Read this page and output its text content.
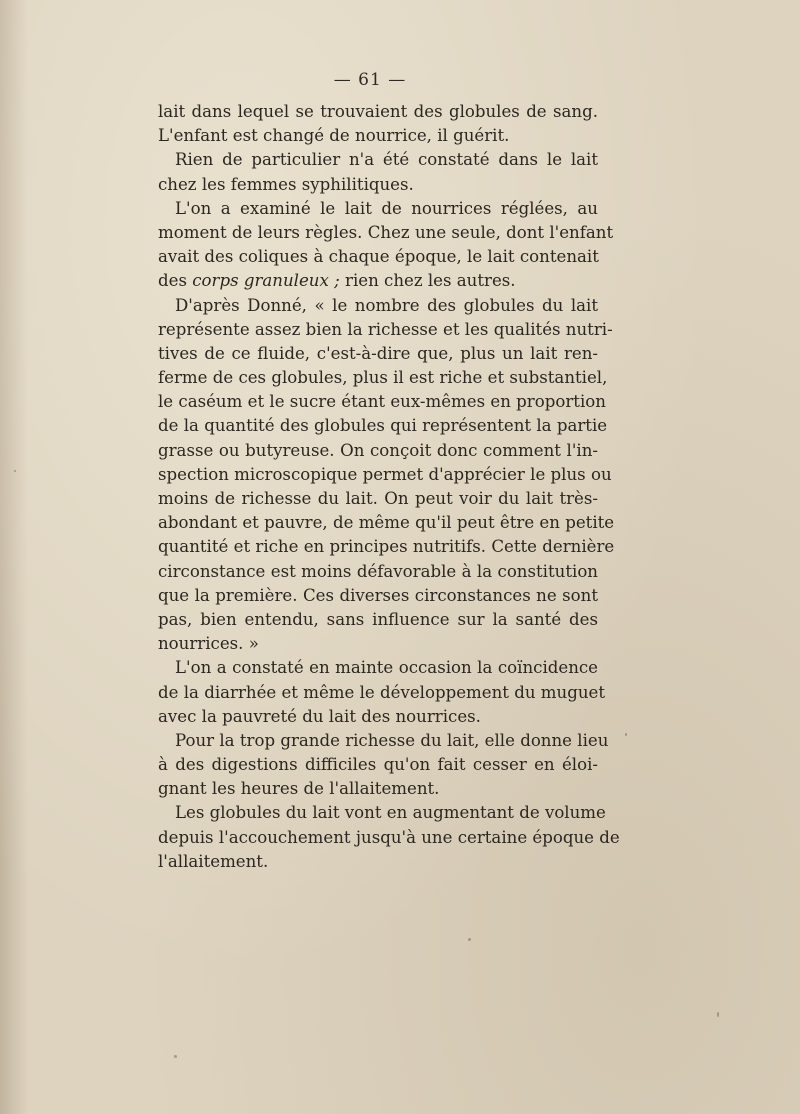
— 61 —
lait dans lequel se trouvaient des globules de sang.
L'enfant est changé de nourrice, il guérit.
Rien de particulier n'a été constaté dans le lait
chez les femmes syphilitiques.
L'on a examiné le lait de nourrices réglées, au
moment de leurs règles. Chez une seule, dont l'enfant
avait des coliques à chaque époque, le lait contenait
des corps granuleux ; rien chez les autres.
D'après Donné, « le nombre des globules du lait
représente assez bien la richesse et les qualités nutri-
tives de ce fluide, c'est-à-dire que, plus un lait ren-
ferme de ces globules, plus il est riche et substantiel,
le caséum et le sucre étant eux-mêmes en proportion
de la quantité des globules qui représentent la partie
grasse ou butyreuse. On conçoit donc comment l'in-
spection microscopique permet d'apprécier le plus ou
moins de richesse du lait. On peut voir du lait très-
abondant et pauvre, de même qu'il peut être en petite
quantité et riche en principes nutritifs. Cette dernière
circonstance est moins défavorable à la constitution
que la première. Ces diverses circonstances ne sont
pas, bien entendu, sans influence sur la santé des
nourrices. »
L'on a constaté en mainte occasion la coïncidence
de la diarrhée et même le développement du muguet
avec la pauvreté du lait des nourrices.
Pour la trop grande richesse du lait, elle donne lieu
à des digestions difficiles qu'on fait cesser en éloi-
gnant les heures de l'allaitement.
Les globules du lait vont en augmentant de volume
depuis l'accouchement jusqu'à une certaine époque de
l'allaitement.
